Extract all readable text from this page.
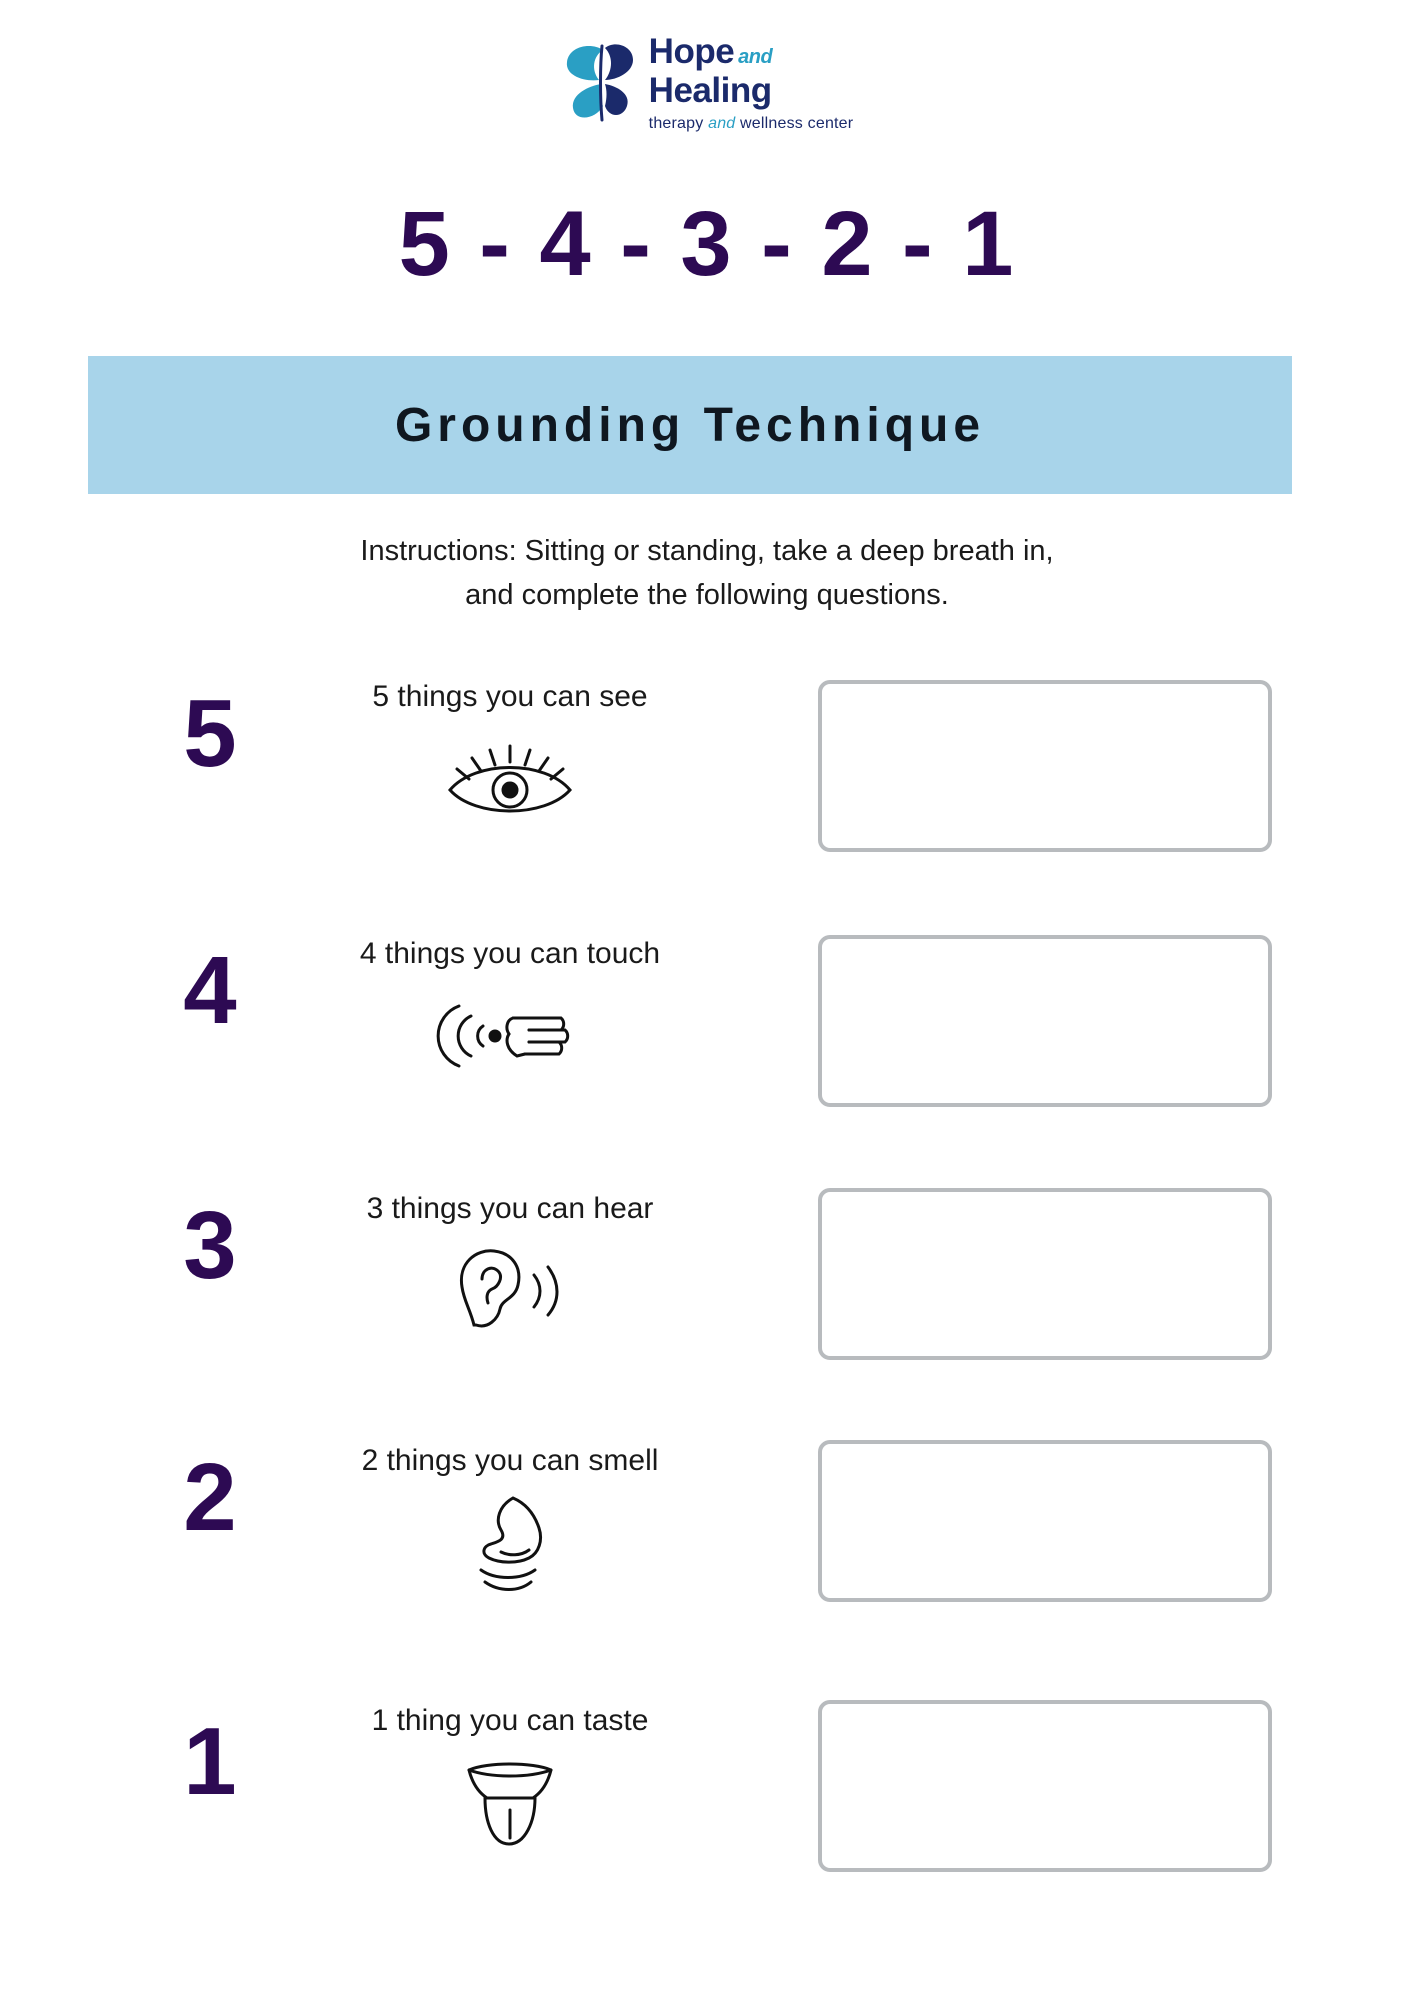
Hope and
Healing
therapy and wellness center
5 - 4 - 3 - 2 - 1
Grounding Technique
Instructions: Sitting or standing, take a deep breath in,
and complete the following questions.
5	5 things you can see
4	4 things you can touch
3	3 things you can hear
2	2 things you can smell
1	1 thing you can taste
